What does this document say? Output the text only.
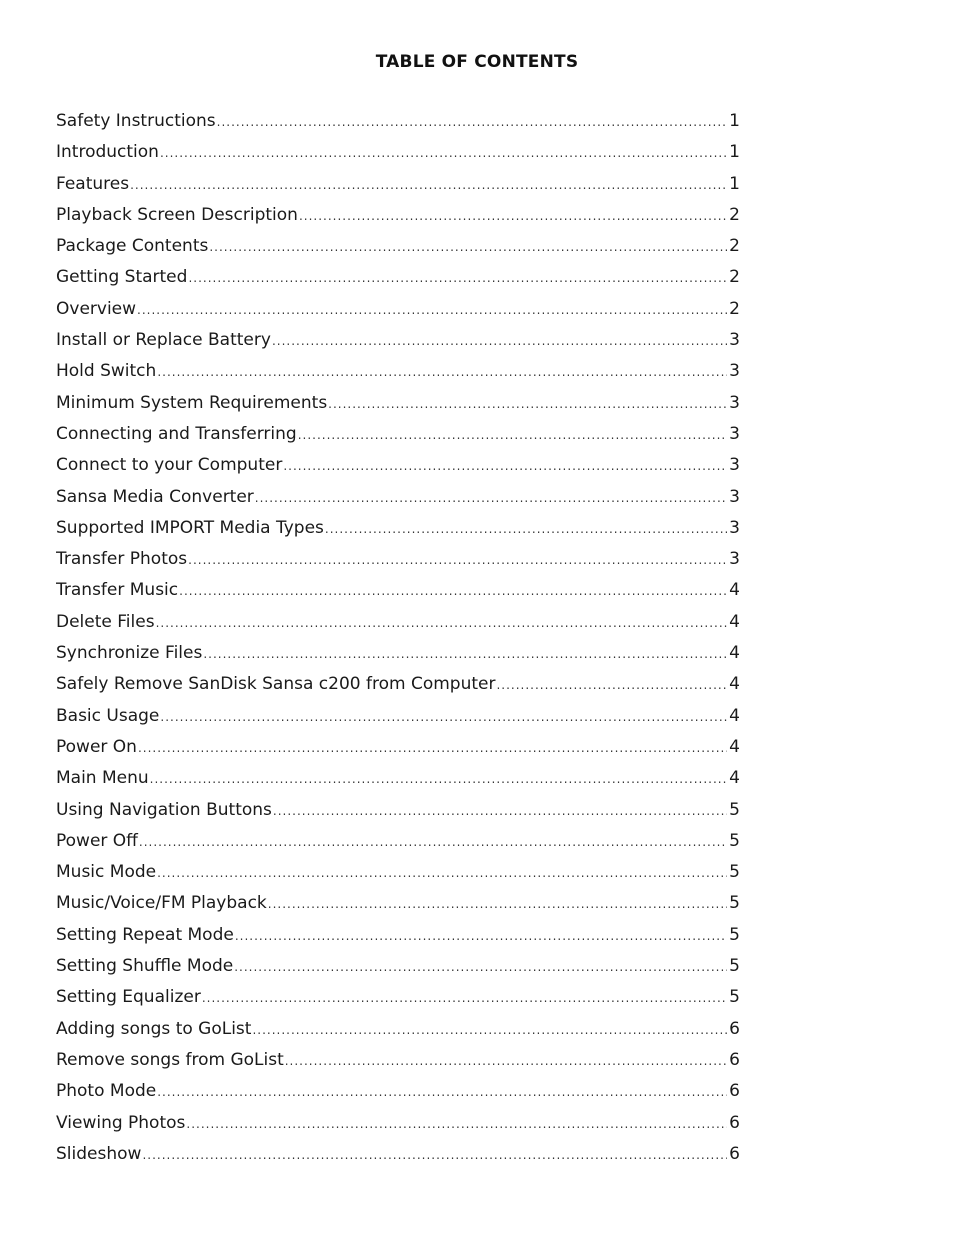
TABLE OF CONTENTS
Safety Instructions .....	1
Introduction .....	1
Features .....	1
Playback Screen Description .....	2
Package Contents .....	2
Getting Started .....	2
Overview .....	2
Install or Replace Battery .....	3
Hold Switch .....	3
Minimum System Requirements .....	3
Connecting and Transferring .....	3
Connect to your Computer .....	3
Sansa Media Converter .....	3
Supported IMPORT Media Types .....	3
Transfer Photos .....	3
Transfer Music .....	4
Delete Files .....	4
Synchronize Files .....	4
Safely Remove SanDisk Sansa c200 from Computer .....	4
Basic Usage .....	4
Power On .....	4
Main Menu .....	4
Using Navigation Buttons .....	5
Power Off .....	5
Music Mode .....	5
Music/Voice/FM Playback .....	5
Setting Repeat Mode .....	5
Setting Shuffle Mode .....	5
Setting Equalizer .....	5
Adding songs to GoList .....	6
Remove songs from GoList .....	6
Photo Mode .....	6
Viewing Photos .....	6
Slideshow .....	6
